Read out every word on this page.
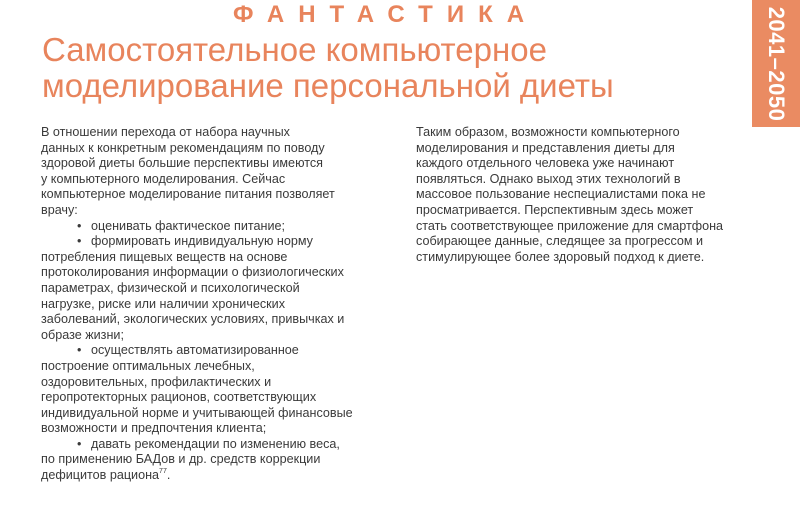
ФАНТАСТИКА
Самостоятельное компьютерное моделирование персональной диеты	2041–2050

В отношении перехода от набора научных

данных к конкретным рекомендациям по поводу

здоровой диеты большие перспективы имеются

у компьютерного моделирования. Сейчас

компьютерное моделирование питания позволяет

врачу:

• оценивать фактическое питание;

• формировать индивидуальную норму

потребления пищевых веществ на основе

протоколирования информации о физиологических

параметрах, физической и психологической

нагрузке, риске или наличии хронических

заболеваний, экологических условиях, привычках и

образе жизни;

• осуществлять автоматизированное

построение оптимальных лечебных,

оздоровительных, профилактических и

геропротекторных рационов, соответствующих

индивидуальной норме и учитывающей финансовые

возможности и предпочтения клиента;

• давать рекомендации по изменению веса,

по применению БАДов и др. средств коррекции

дефицитов рациона$^{77}$.

Таким образом, возможности компьютерного

моделирования и представления диеты для

каждого отдельного человека уже начинают

появляться. Однако выход этих технологий в

массовое пользование неспециалистами пока не

просматривается. Перспективным здесь может

стать соответствующее приложение для смартфона

собирающее данные, следящее за прогрессом и

стимулирующее более здоровый подход к диете.
